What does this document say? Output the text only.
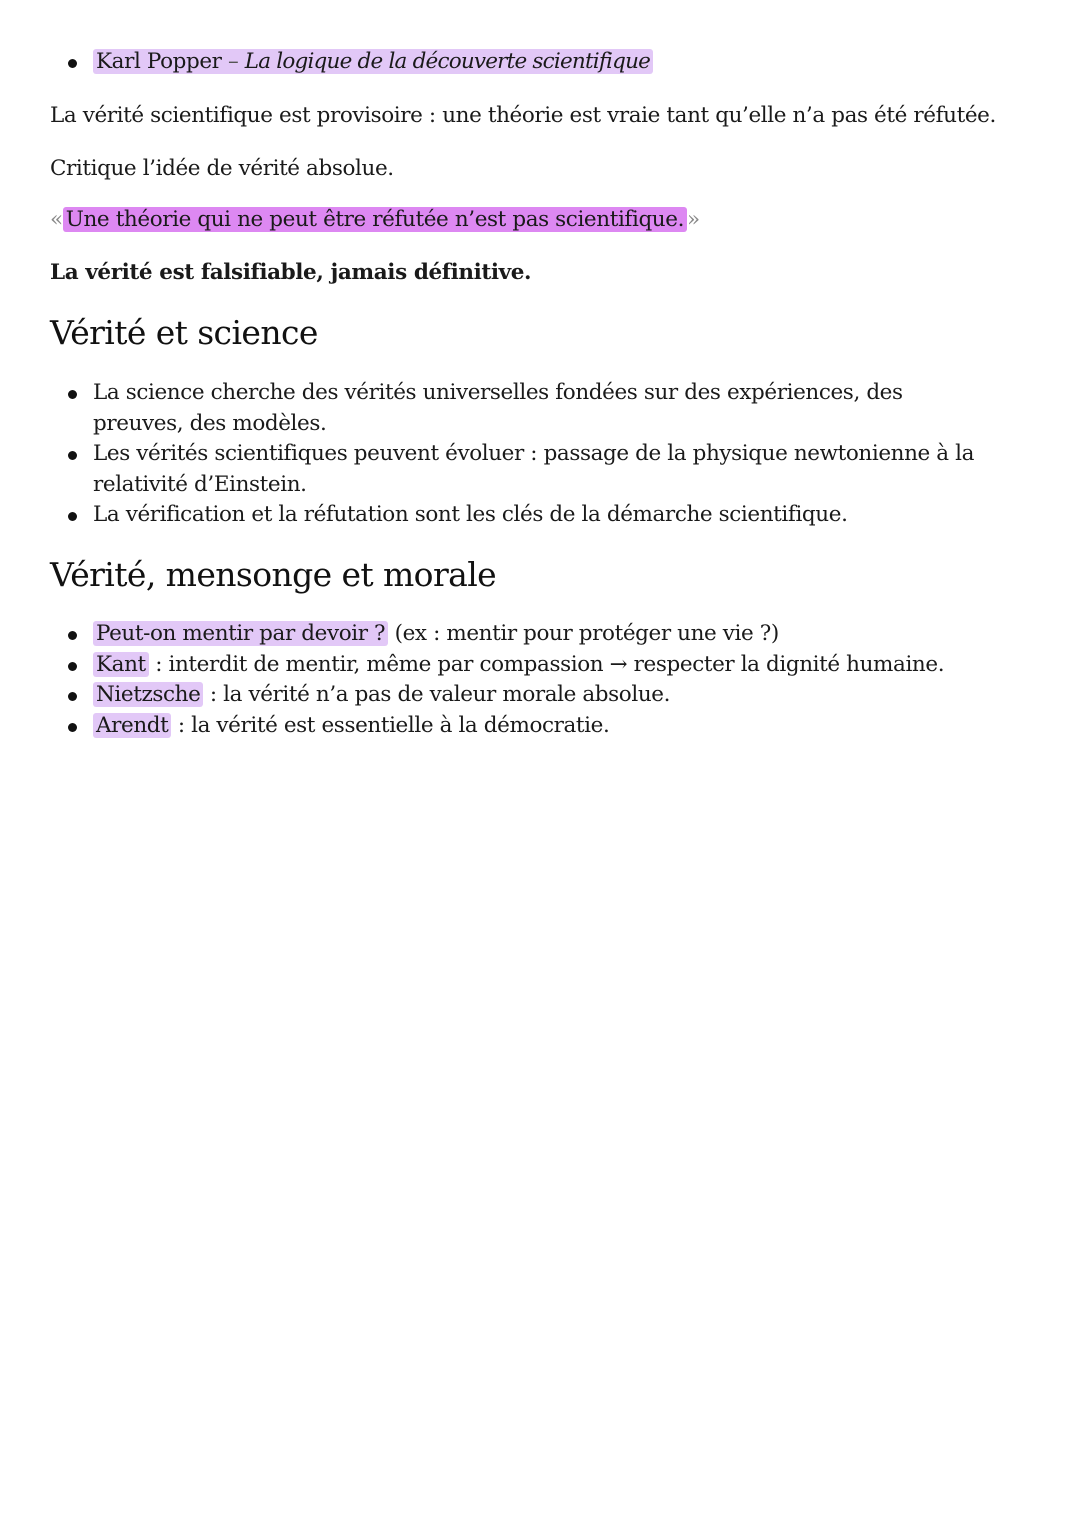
Karl Popper – La logique de la découverte scientifique

La vérité scientifique est provisoire : une théorie est vraie tant qu’elle n’a pas été réfutée.

Critique l’idée de vérité absolue.

« Une théorie qui ne peut être réfutée n’est pas scientifique. »

La vérité est falsifiable, jamais définitive.

Vérité et science
La science cherche des vérités universelles fondées sur des expériences, des preuves, des modèles.
Les vérités scientifiques peuvent évoluer : passage de la physique newtonienne à la relativité d’Einstein.
La vérification et la réfutation sont les clés de la démarche scientifique.
Vérité, mensonge et morale
Peut-on mentir par devoir ? (ex : mentir pour protéger une vie ?)
Kant : interdit de mentir, même par compassion → respecter la dignité humaine.
Nietzsche : la vérité n’a pas de valeur morale absolue.
Arendt : la vérité est essentielle à la démocratie.
